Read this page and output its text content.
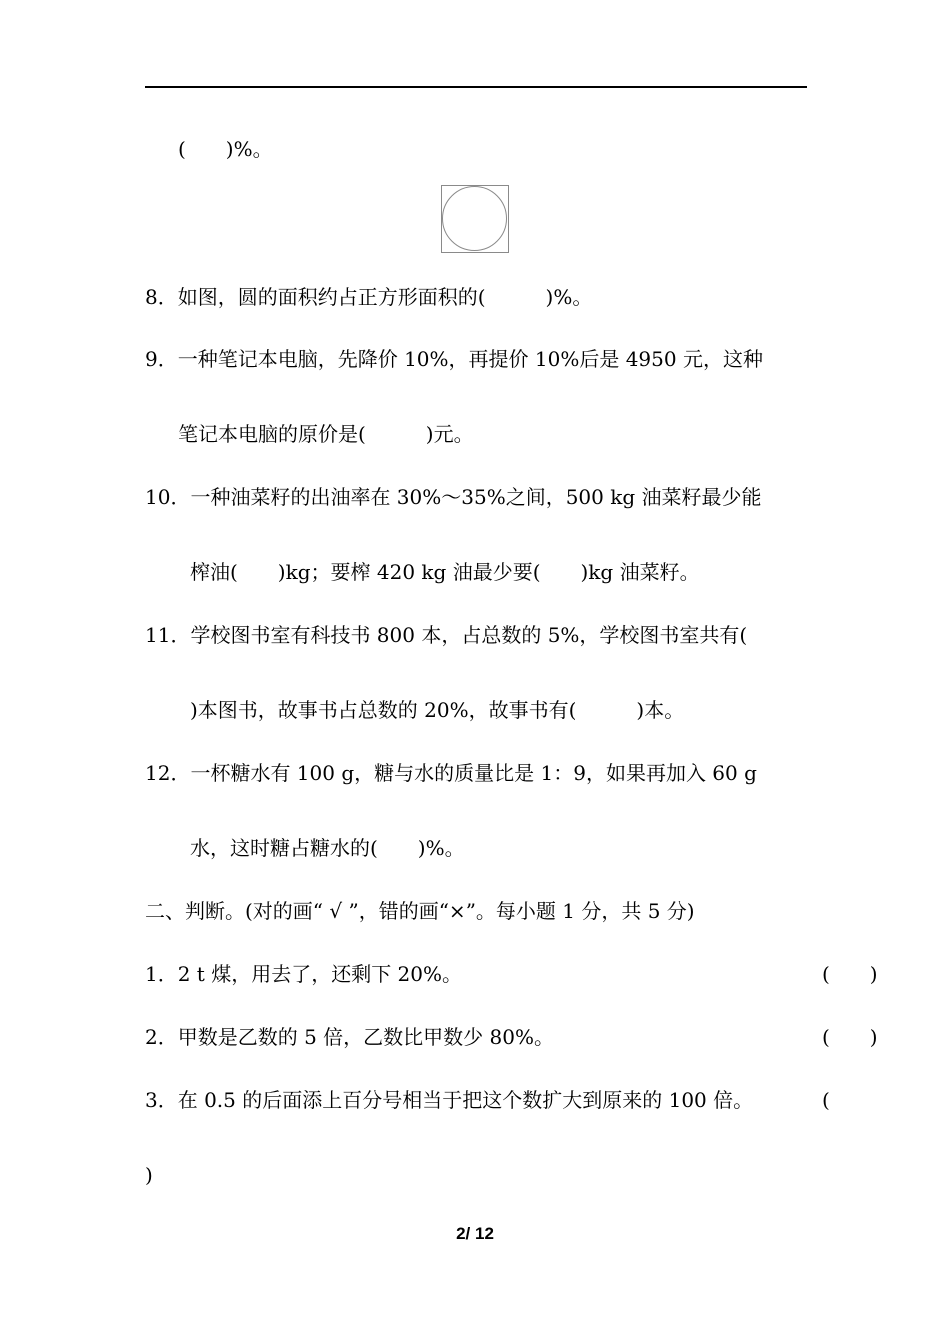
(　　)%。
8．如图，圆的面积约占正方形面积的(　　　)%。
9．一种笔记本电脑，先降价 10%，再提价 10%后是 4950 元，这种
笔记本电脑的原价是(　　　)元。
10．一种油菜籽的出油率在 30%～35%之间，500 kg 油菜籽最少能
榨油(　　)kg；要榨 420 kg 油最少要(　　)kg 油菜籽。
11．学校图书室有科技书 800 本，占总数的 5%，学校图书室共有(
)本图书，故事书占总数的 20%，故事书有(　　　)本。
12．一杯糖水有 100 g，糖与水的质量比是 1：9，如果再加入 60 g
水，这时糖占糖水的(　　)%。
二、判断。(对的画“ √ ”，错的画“×”。每小题 1 分，共 5 分)
1．2 t 煤，用去了，还剩下 20%。	(　　)
2．甲数是乙数的 5 倍，乙数比甲数少 80%。	(　　)
3．在 0.5 的后面添上百分号相当于把这个数扩大到原来的 100 倍。	(
)
2/ 12
